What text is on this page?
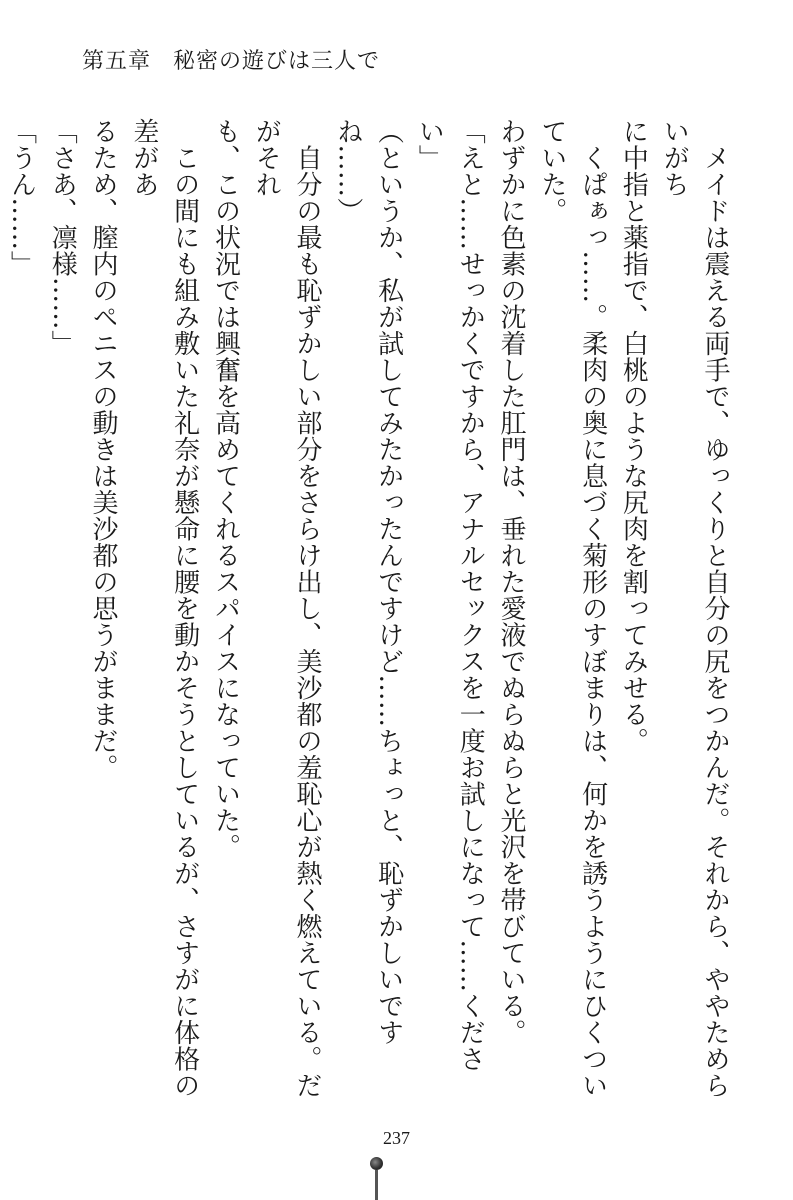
第五章 秘密の遊びは三人で

　メイドは震える両手で、ゆっくりと自分の尻をつかんだ。それから、ややためらいがち

に中指と薬指で、白桃のような尻肉を割ってみせる。

　くぱぁっ……。柔肉の奥に息づく菊形のすぼまりは、何かを誘うようにひくついていた。

わずかに色素の沈着した肛門は、垂れた愛液でぬらぬらと光沢を帯びている。

「えと……せっかくですから、アナルセックスを一度お試しになって……ください」

（というか、私が試してみたかったんですけど……ちょっと、恥ずかしいですね……）

　自分の最も恥ずかしい部分をさらけ出し、美沙都の羞恥心が熱く燃えている。だがそれ

も、この状況では興奮を高めてくれるスパイスになっていた。

　この間にも組み敷いた礼奈が懸命に腰を動かそうとしているが、さすがに体格の差があ

るため、膣内のペニスの動きは美沙都の思うがままだ。

「さあ、凛様……」

「うん……」

237
